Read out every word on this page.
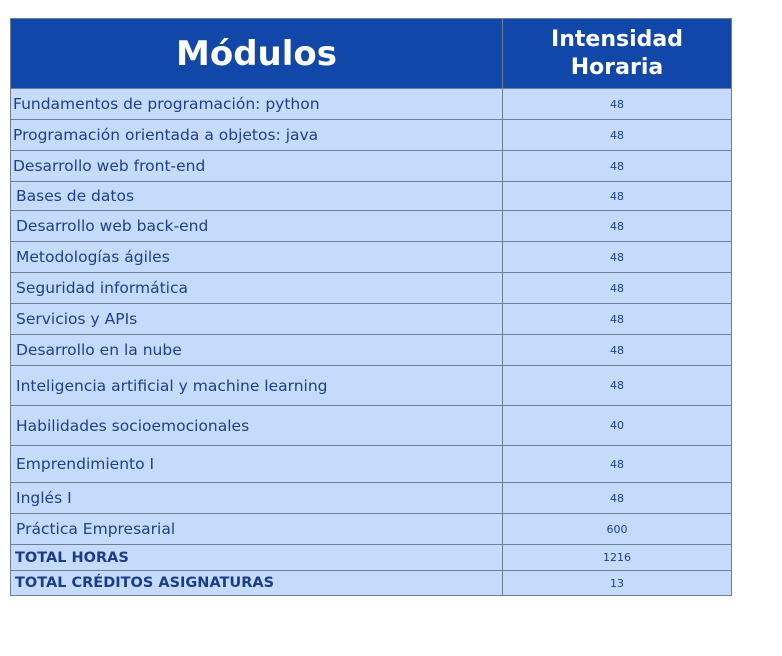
Módulos	Intensidad
Horaria

Fundamentos de programación: python	48
Programación orientada a objetos: java	48
Desarrollo web front-end	48
Bases de datos	48
Desarrollo web back-end	48
Metodologías ágiles	48
Seguridad informática	48
Servicios y APIs	48
Desarrollo en la nube	48
Inteligencia artificial y machine learning	48
Habilidades socioemocionales	40
Emprendimiento I	48
Inglés I	48
Práctica Empresarial	600
TOTAL HORAS	1216
TOTAL CRÉDITOS ASIGNATURAS	13
